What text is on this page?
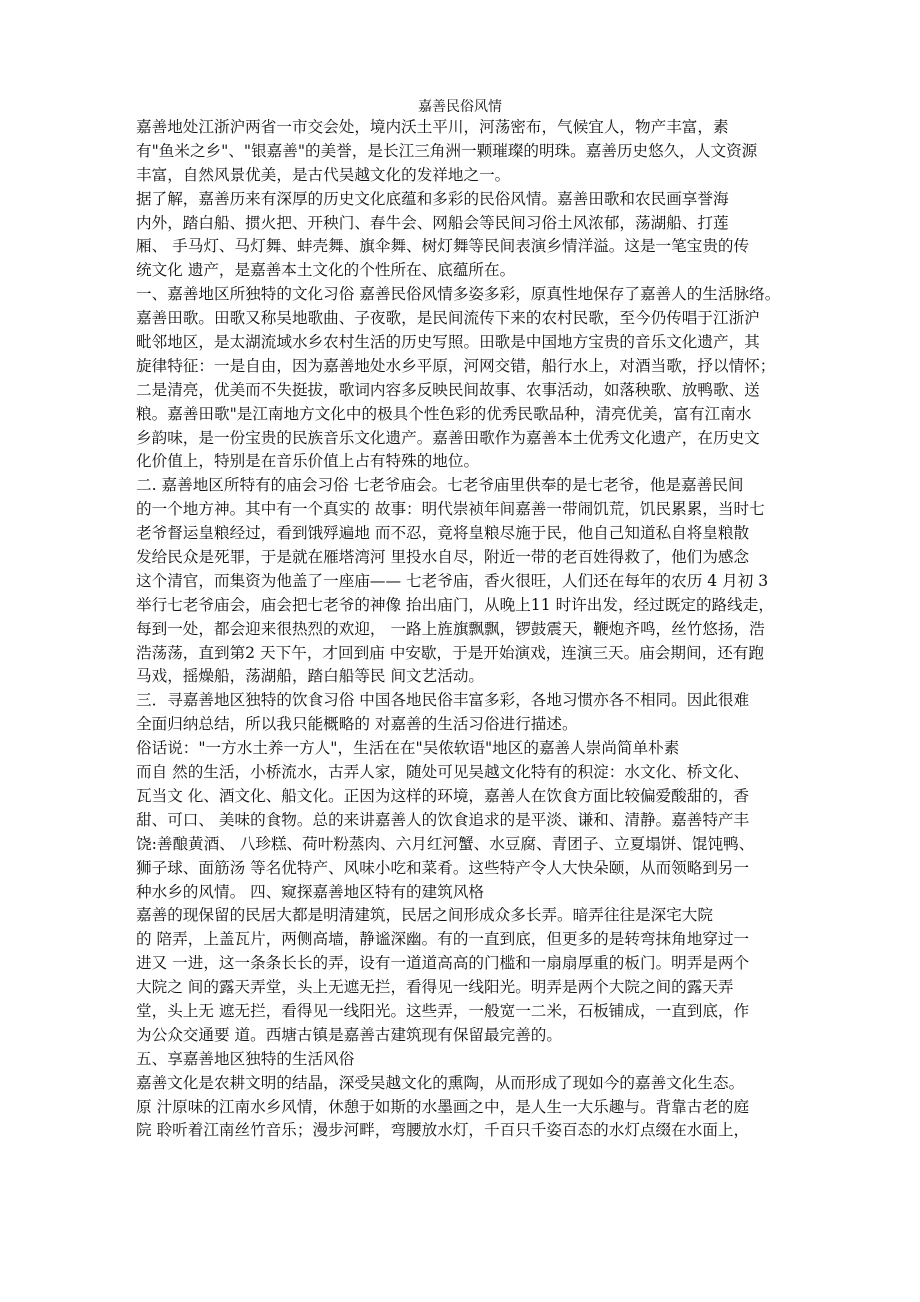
嘉善民俗风情
嘉善地处江浙沪两省一市交会处，境内沃土平川，河荡密布，气候宜人，物产丰富，素
有"鱼米之乡"、"银嘉善"的美誉，是长江三角洲一颗璀璨的明珠。嘉善历史悠久，人文资源
丰富，自然风景优美，是古代吴越文化的发祥地之一。
据了解，嘉善历来有深厚的历史文化底蕴和多彩的民俗风情。嘉善田歌和农民画享誉海
内外，踏白船、掼火把、开秧门、春牛会、网船会等民间习俗土风浓郁，荡湖船、打莲
厢、 手马灯、马灯舞、蚌壳舞、旗伞舞、树灯舞等民间表演乡情洋溢。这是一笔宝贵的传
统文化 遗产，是嘉善本土文化的个性所在、底蕴所在。
一、嘉善地区所独特的文化习俗 嘉善民俗风情多姿多彩，原真性地保存了嘉善人的生活脉络。
嘉善田歌。田歌又称吴地歌曲、子夜歌，是民间流传下来的农村民歌，至今仍传唱于江浙沪
毗邻地区，是太湖流域水乡农村生活的历史写照。田歌是中国地方宝贵的音乐文化遗产，其
旋律特征：一是自由，因为嘉善地处水乡平原，河网交错，船行水上，对酒当歌，抒以情怀；
二是清亮，优美而不失挺拔，歌词内容多反映民间故事、农事活动，如落秧歌、放鸭歌、送
粮。嘉善田歌"是江南地方文化中的极具个性色彩的优秀民歌品种，清亮优美，富有江南水
乡韵味，是一份宝贵的民族音乐文化遗产。嘉善田歌作为嘉善本土优秀文化遗产，在历史文
化价值上，特别是在音乐价值上占有特殊的地位。
二. 嘉善地区所特有的庙会习俗 七老爷庙会。七老爷庙里供奉的是七老爷，他是嘉善民间
的一个地方神。其中有一个真实的 故事：明代崇祯年间嘉善一带闹饥荒，饥民累累，当时七
老爷督运皇粮经过，看到饿殍遍地 而不忍，竟将皇粮尽施于民，他自己知道私自将皇粮散
发给民众是死罪，于是就在雁塔湾河 里投水自尽，附近一带的老百姓得救了，他们为感念
这个清官，而集资为他盖了一座庙—— 七老爷庙，香火很旺，人们还在每年的农历 4 月初 3
举行七老爷庙会，庙会把七老爷的神像 抬出庙门，从晚上11 时许出发，经过既定的路线走，
每到一处，都会迎来很热烈的欢迎， 一路上旌旗飘飘，锣鼓震天，鞭炮齐鸣，丝竹悠扬，浩
浩荡荡，直到第2 天下午，才回到庙 中安歇，于是开始演戏，连演三天。庙会期间，还有跑
马戏，摇燥船，荡湖船，踏白船等民 间文艺活动。
三．寻嘉善地区独特的饮食习俗 中国各地民俗丰富多彩，各地习惯亦各不相同。因此很难
全面归纳总结，所以我只能概略的 对嘉善的生活习俗进行描述。
俗话说："一方水土养一方人"，生活在在"吴侬软语"地区的嘉善人崇尚简单朴素
而自 然的生活，小桥流水，古弄人家，随处可见吴越文化特有的积淀：水文化、桥文化、
瓦当文 化、酒文化、船文化。正因为这样的环境，嘉善人在饮食方面比较偏爱酸甜的，香
甜、可口、 美味的食物。总的来讲嘉善人的饮食追求的是平淡、谦和、清静。嘉善特产丰
饶:善酿黄酒、 八珍糕、荷叶粉蒸肉、六月红河蟹、水豆腐、青团子、立夏塌饼、馄饨鸭、
狮子球、面筋汤 等名优特产、风味小吃和菜肴。这些特产令人大快朵颐，从而领略到另一
种水乡的风情。 四、窥探嘉善地区特有的建筑风格
嘉善的现保留的民居大都是明清建筑，民居之间形成众多长弄。暗弄往往是深宅大院
的 陪弄，上盖瓦片，两侧高墙，静谧深幽。有的一直到底，但更多的是转弯抹角地穿过一
进又 一进，这一条条长长的弄，设有一道道高高的门槛和一扇扇厚重的板门。明弄是两个
大院之 间的露天弄堂，头上无遮无拦，看得见一线阳光。明弄是两个大院之间的露天弄
堂，头上无 遮无拦，看得见一线阳光。这些弄，一般宽一二米，石板铺成，一直到底，作
为公众交通要 道。西塘古镇是嘉善古建筑现有保留最完善的。
五、享嘉善地区独特的生活风俗
嘉善文化是农耕文明的结晶，深受吴越文化的熏陶，从而形成了现如今的嘉善文化生态。
原 汁原味的江南水乡风情，休憩于如斯的水墨画之中，是人生一大乐趣与。背靠古老的庭
院 聆听着江南丝竹音乐；漫步河畔，弯腰放水灯，千百只千姿百态的水灯点缀在水面上，
